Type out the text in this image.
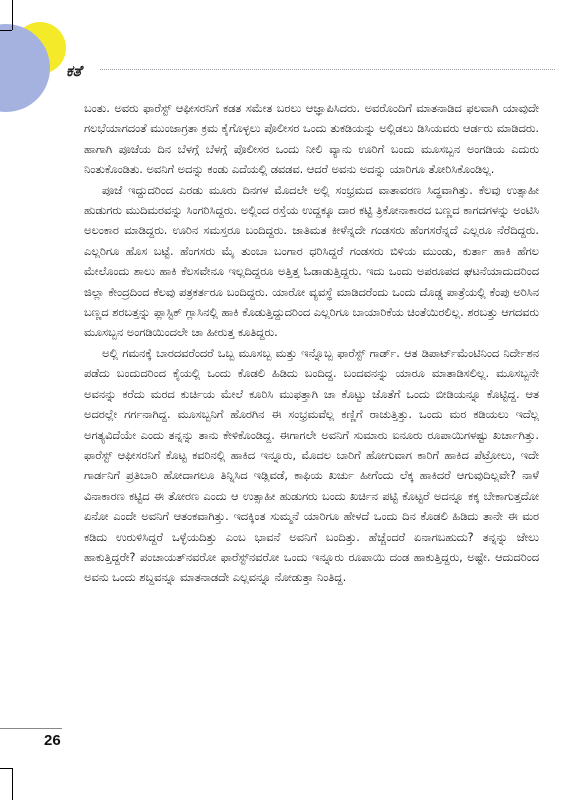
ಕತೆ

ಬಂತು. ಅವರು ಫಾರೆಸ್ಟ್ ಆಫೀಸರನಿಗೆ ಕಡತ ಸಮೇತ ಬರಲು ಆಜ್ಞಾಪಿಸಿದರು. ಅವರೊಂದಿಗೆ ಮಾತನಾಡಿದ ಫಲವಾಗಿ ಯಾವುದೇ ಗಲಭೆಯಾಗದಂತೆ ಮುಂಜಾಗ್ರತಾ ಕ್ರಮ ಕೈಗೊಳ್ಳಲು ಪೊಲೀಸರ ಒಂದು ತುಕಡಿಯನ್ನು ಅಲ್ಲಿಡಲು ಡಿಸಿಯವರು ಆರ್ಡರು ಮಾಡಿದರು. ಹಾಗಾಗಿ ಪೂಜೆಯ ದಿನ ಬೆಳಗ್ಗೆ ಬೆಳಗ್ಗೆ ಪೊಲೀಸರ ಒಂದು ನೀಲಿ ವ್ಯಾನು ಊರಿಗೆ ಬಂದು ಮೂಸಬ್ಬನ ಅಂಗಡಿಯ ಎದುರು ನಿಂತುಕೊಂಡಿತು. ಅವನಿಗೆ ಅದನ್ನು ಕಂಡು ಎದೆಯಲ್ಲಿ ಡವಡವ. ಆದರೆ ಅವನು ಅದನ್ನು ಯಾರಿಗೂ ತೋರಿಸಿಕೊಂಡಿಲ್ಲ.

ಪೂಜೆ ಇದ್ದುದರಿಂದ ಎರಡು ಮೂರು ದಿನಗಳ ಮೊದಲೇ ಅಲ್ಲಿ ಸಂಭ್ರಮದ ವಾತಾವರಣ ಸಿದ್ಧವಾಗಿತ್ತು. ಕೆಲವು ಉತ್ಸಾಹೀ ಹುಡುಗರು ಮುದಿಮರವನ್ನು ಸಿಂಗರಿಸಿದ್ದರು. ಅಲ್ಲಿಂದ ರಸ್ತೆಯ ಉದ್ದಕ್ಕೂ ದಾರ ಕಟ್ಟಿ ತ್ರಿಕೋನಾಕಾರದ ಬಣ್ಣದ ಕಾಗದಗಳನ್ನು ಅಂಟಿಸಿ ಅಲಂಕಾರ ಮಾಡಿದ್ದರು. ಊರಿನ ಸಮಸ್ತರೂ ಬಂದಿದ್ದರು. ಜಾತಿಮತ ಕೀಳೆನ್ನದೇ ಗಂಡಸರು ಹೆಂಗಸರೆನ್ನದೆ ಎಲ್ಲರೂ ನೆರೆದಿದ್ದರು. ಎಲ್ಲರಿಗೂ ಹೊಸ ಬಟ್ಟೆ. ಹೆಂಗಸರು ಮೈ ತುಂಬಾ ಬಂಗಾರ ಧರಿಸಿದ್ದರೆ ಗಂಡಸರು ಬಿಳಿಯ ಮುಂಡು, ಕುರ್ತಾ ಹಾಕಿ ಹೆಗಲ ಮೇಲೊಂದು ಶಾಲು ಹಾಕಿ ಕೆಲಸವೇನೂ ಇಲ್ಲದಿದ್ದರೂ ಅತ್ತಿತ್ತ ಓಡಾಡುತ್ತಿದ್ದರು. ಇದು ಒಂದು ಅಪರೂಪದ ಘಟನೆಯಾದುದರಿಂದ ಜಿಲ್ಲಾ ಕೇಂದ್ರದಿಂದ ಕೆಲವು ಪತ್ರಕರ್ತರೂ ಬಂದಿದ್ದರು. ಯಾರೋ ವ್ಯವಸ್ಥೆ ಮಾಡಿದರೆಂದು ಒಂದು ದೊಡ್ಡ ಪಾತ್ರೆಯಲ್ಲಿ ಕೆಂಪು ಅರಿಸಿನ ಬಣ್ಣದ ಶರಬತ್ತನ್ನು ಪ್ಲಾಸ್ಟಿಕ್ ಗ್ಲಾಸಿನಲ್ಲಿ ಹಾಕಿ ಕೊಡುತ್ತಿದ್ದುದರಿಂದ ಎಲ್ಲರಿಗೂ ಬಾಯಾರಿಕೆಯ ಚಿಂತೆಯಿರಲಿಲ್ಲ. ಶರಬತ್ತು ಆಗದವರು ಮೂಸಬ್ಬನ ಅಂಗಡಿಯಿಂದಲೇ ಚಾ ಹೀರುತ್ತ ಕೂತಿದ್ದರು.

ಅಲ್ಲಿ ಗಮನಕ್ಕೆ ಬಾರದವರೆಂದರೆ ಒಬ್ಬ ಮೂಸಬ್ಬ ಮತ್ತು ಇನ್ನೊಬ್ಬ ಫಾರೆಸ್ಟ್ ಗಾರ್ಡ್. ಆತ ಡಿಪಾರ್ಟ್‌ಮೆಂಟಿನಿಂದ ನಿರ್ದೇಶನ ಪಡೆದು ಬಂದುದರಿಂದ ಕೈಯಲ್ಲಿ ಒಂದು ಕೊಡಲಿ ಹಿಡಿದು ಬಂದಿದ್ದ. ಬಂದವನನ್ನು ಯಾರೂ ಮಾತಾಡಿಸಲಿಲ್ಲ. ಮೂಸಬ್ಬನೇ ಅವನನ್ನು ಕರೆದು ಮರದ ಕುರ್ಚಿಯ ಮೇಲೆ ಕೂರಿಸಿ ಮುಫತ್ತಾಗಿ ಚಾ ಕೊಟ್ಟು ಜೊತೆಗೆ ಒಂದು ಬೀಡಿಯನ್ನೂ ಕೊಟ್ಟಿದ್ದ. ಆತ ಅದರಲ್ಲೇ ಗರ್ಗನಾಗಿದ್ದ. ಮೂಸಬ್ಬನಿಗೆ ಹೊರಗಿನ ಈ ಸಂಭ್ರಮವೆಲ್ಲ ಕಣ್ಣಿಗೆ ರಾಚುತ್ತಿತ್ತು. ಒಂದು ಮರ ಕಡಿಯಲು ಇದೆಲ್ಲ ಅಗತ್ಯವಿದೆಯೇ ಎಂದು ತನ್ನನ್ನು ತಾನು ಕೇಳಿಕೊಂಡಿದ್ದ. ಈಗಾಗಲೇ ಅವನಿಗೆ ಸುಮಾರು ಐನೂರು ರೂಪಾಯಿಗಳಷ್ಟು ಖರ್ಚಾಗಿತ್ತು. ಫಾರೆಸ್ಟ್ ಆಫೀಸರನಿಗೆ ಕೊಟ್ಟ ಕವರಿನಲ್ಲಿ ಹಾಕಿದ ಇನ್ನೂರು, ಮೊದಲ ಬಾರಿಗೆ ಹೋಗುವಾಗ ಕಾರಿಗೆ ಹಾಕಿದ ಪೆಟ್ರೋಲು, ಇದೇ ಗಾರ್ಡನಿಗೆ ಪ್ರತಿಬಾರಿ ಹೋದಾಗಲೂ ತಿನ್ನಿಸಿದ ಇಡ್ಲಿವಡೆ, ಕಾಫಿಯ ಖರ್ಚು ಹೀಗೆಂದು ಲೆಕ್ಕ ಹಾಕಿದರೆ ಆಗುವುದಿಲ್ಲವೇ? ನಾಳೆ ವಿನಾಕಾರಣ ಕಟ್ಟಿದ ಈ ತೋರಣ ಎಂದು ಆ ಉತ್ಸಾಹೀ ಹುಡುಗರು ಬಂದು ಖರ್ಚಿನ ಪಟ್ಟಿ ಕೊಟ್ಟರೆ ಅದನ್ನೂ ಕಕ್ಕ ಬೇಕಾಗುತ್ತದೋ ಏನೋ ಎಂದೇ ಅವನಿಗೆ ಆತಂಕವಾಗಿತ್ತು. ಇದಕ್ಕಿಂತ ಸುಮ್ಮನೆ ಯಾರಿಗೂ ಹೇಳದೆ ಒಂದು ದಿನ ಕೊಡಲಿ ಹಿಡಿದು ತಾನೇ ಈ ಮರ ಕಡಿದು ಉರುಳಿಸಿದ್ದರೆ ಒಳ್ಳೆಯದಿತ್ತು ಎಂಬ ಭಾವನೆ ಅವನಿಗೆ ಬಂದಿತ್ತು. ಹೆಚ್ಚೆಂದರೆ ಏನಾಗಬಹುದು? ತನ್ನನ್ನು ಜೇಲು ಹಾಕುತ್ತಿದ್ದರೇ? ಪಂಚಾಯತ್‌ನವರೋ ಫಾರೆಸ್ಟ್‌ನವರೋ ಒಂದು ಇನ್ನೂರು ರೂಪಾಯಿ ದಂಡ ಹಾಕುತ್ತಿದ್ದರು, ಅಷ್ಟೇ. ಆದುದರಿಂದ ಅವನು ಒಂದು ಶಬ್ದವನ್ನೂ ಮಾತನಾಡದೇ ಎಲ್ಲವನ್ನೂ ನೋಡುತ್ತಾ ನಿಂತಿದ್ದ.

26
